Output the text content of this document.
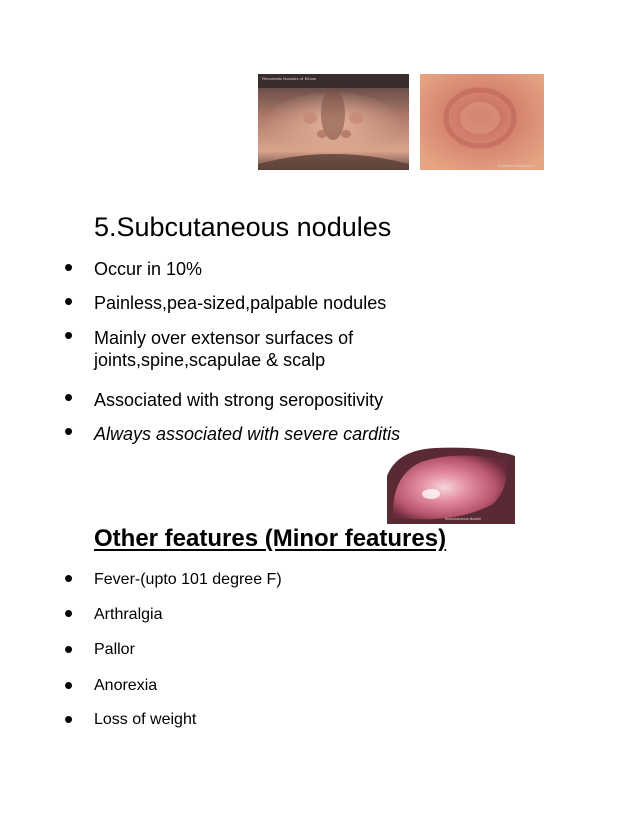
Rheumatic Nodules of Elbow
Erythema Marginatum
5.Subcutaneous nodules
• Occur in 10%
• Painless,pea-sized,palpable nodules
• Mainly over extensor surfaces of
joints,spine,scapulae & scalp
• Associated with strong seropositivity
• Always associated with severe carditis
Subcutaneous Nodule
Other features (Minor features)
• Fever-(upto 101 degree F)
• Arthralgia
• Pallor
• Anorexia
• Loss of weight
